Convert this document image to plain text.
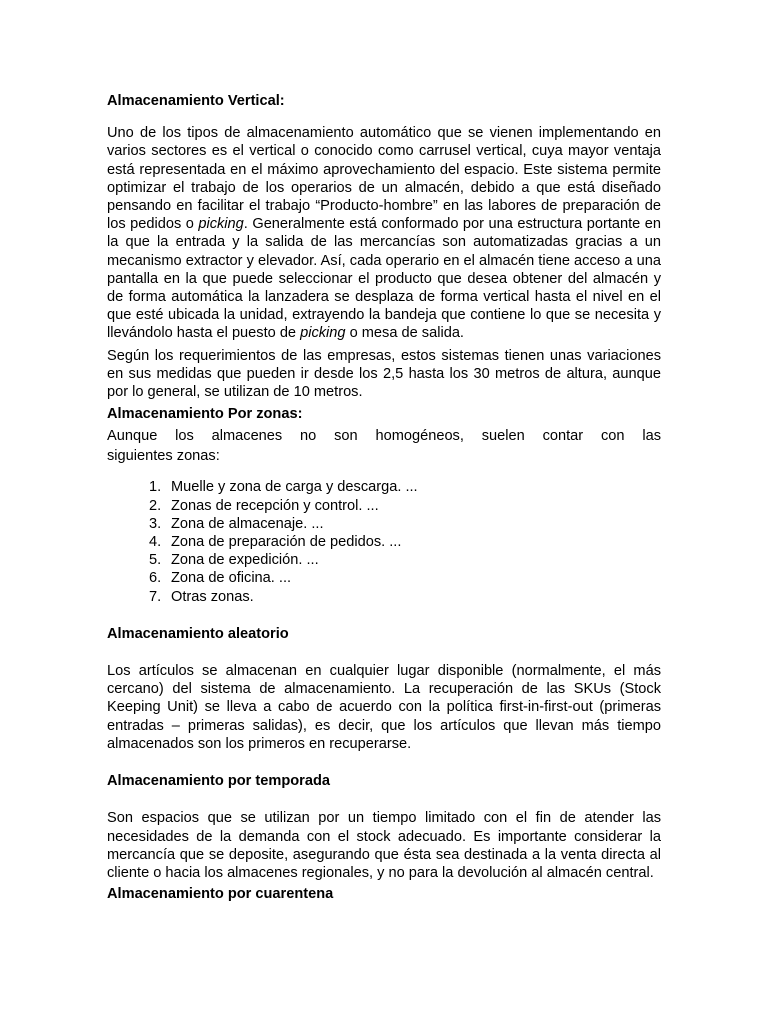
Almacenamiento Vertical:

Uno de los tipos de almacenamiento automático que se vienen implementando en varios sectores es el vertical o conocido como carrusel vertical, cuya mayor ventaja está representada en el máximo aprovechamiento del espacio. Este sistema permite optimizar el trabajo de los operarios de un almacén, debido a que está diseñado pensando en facilitar el trabajo “Producto-hombre” en las labores de preparación de los pedidos o picking. Generalmente está conformado por una estructura portante en la que la entrada y la salida de las mercancías son automatizadas gracias a un mecanismo extractor y elevador. Así, cada operario en el almacén tiene acceso a una pantalla en la que puede seleccionar el producto que desea obtener del almacén y de forma automática la lanzadera se desplaza de forma vertical hasta el nivel en el que esté ubicada la unidad, extrayendo la bandeja que contiene lo que se necesita y llevándolo hasta el puesto de picking o mesa de salida.

Según los requerimientos de las empresas, estos sistemas tienen unas variaciones en sus medidas que pueden ir desde los 2,5 hasta los 30 metros de altura, aunque por lo general, se utilizan de 10 metros.

Almacenamiento Por zonas:

Aunque los almacenes no son homogéneos, suelen contar con las
siguientes zonas:

1. Muelle y zona de carga y descarga. ...
2. Zonas de recepción y control. ...
3. Zona de almacenaje. ...
4. Zona de preparación de pedidos. ...
5. Zona de expedición. ...
6. Zona de oficina. ...
7. Otras zonas.
Almacenamiento aleatorio

Los artículos se almacenan en cualquier lugar disponible (normalmente, el más cercano) del sistema de almacenamiento. La recuperación de las SKUs (Stock Keeping Unit) se lleva a cabo de acuerdo con la política first-in-first-out (primeras entradas – primeras salidas), es decir, que los artículos que llevan más tiempo almacenados son los primeros en recuperarse.

Almacenamiento por temporada

Son espacios que se utilizan por un tiempo limitado con el fin de atender las necesidades de la demanda con el stock adecuado. Es importante considerar la mercancía que se deposite, asegurando que ésta sea destinada a la venta directa al cliente o hacia los almacenes regionales, y no para la devolución al almacén central.

Almacenamiento por cuarentena
